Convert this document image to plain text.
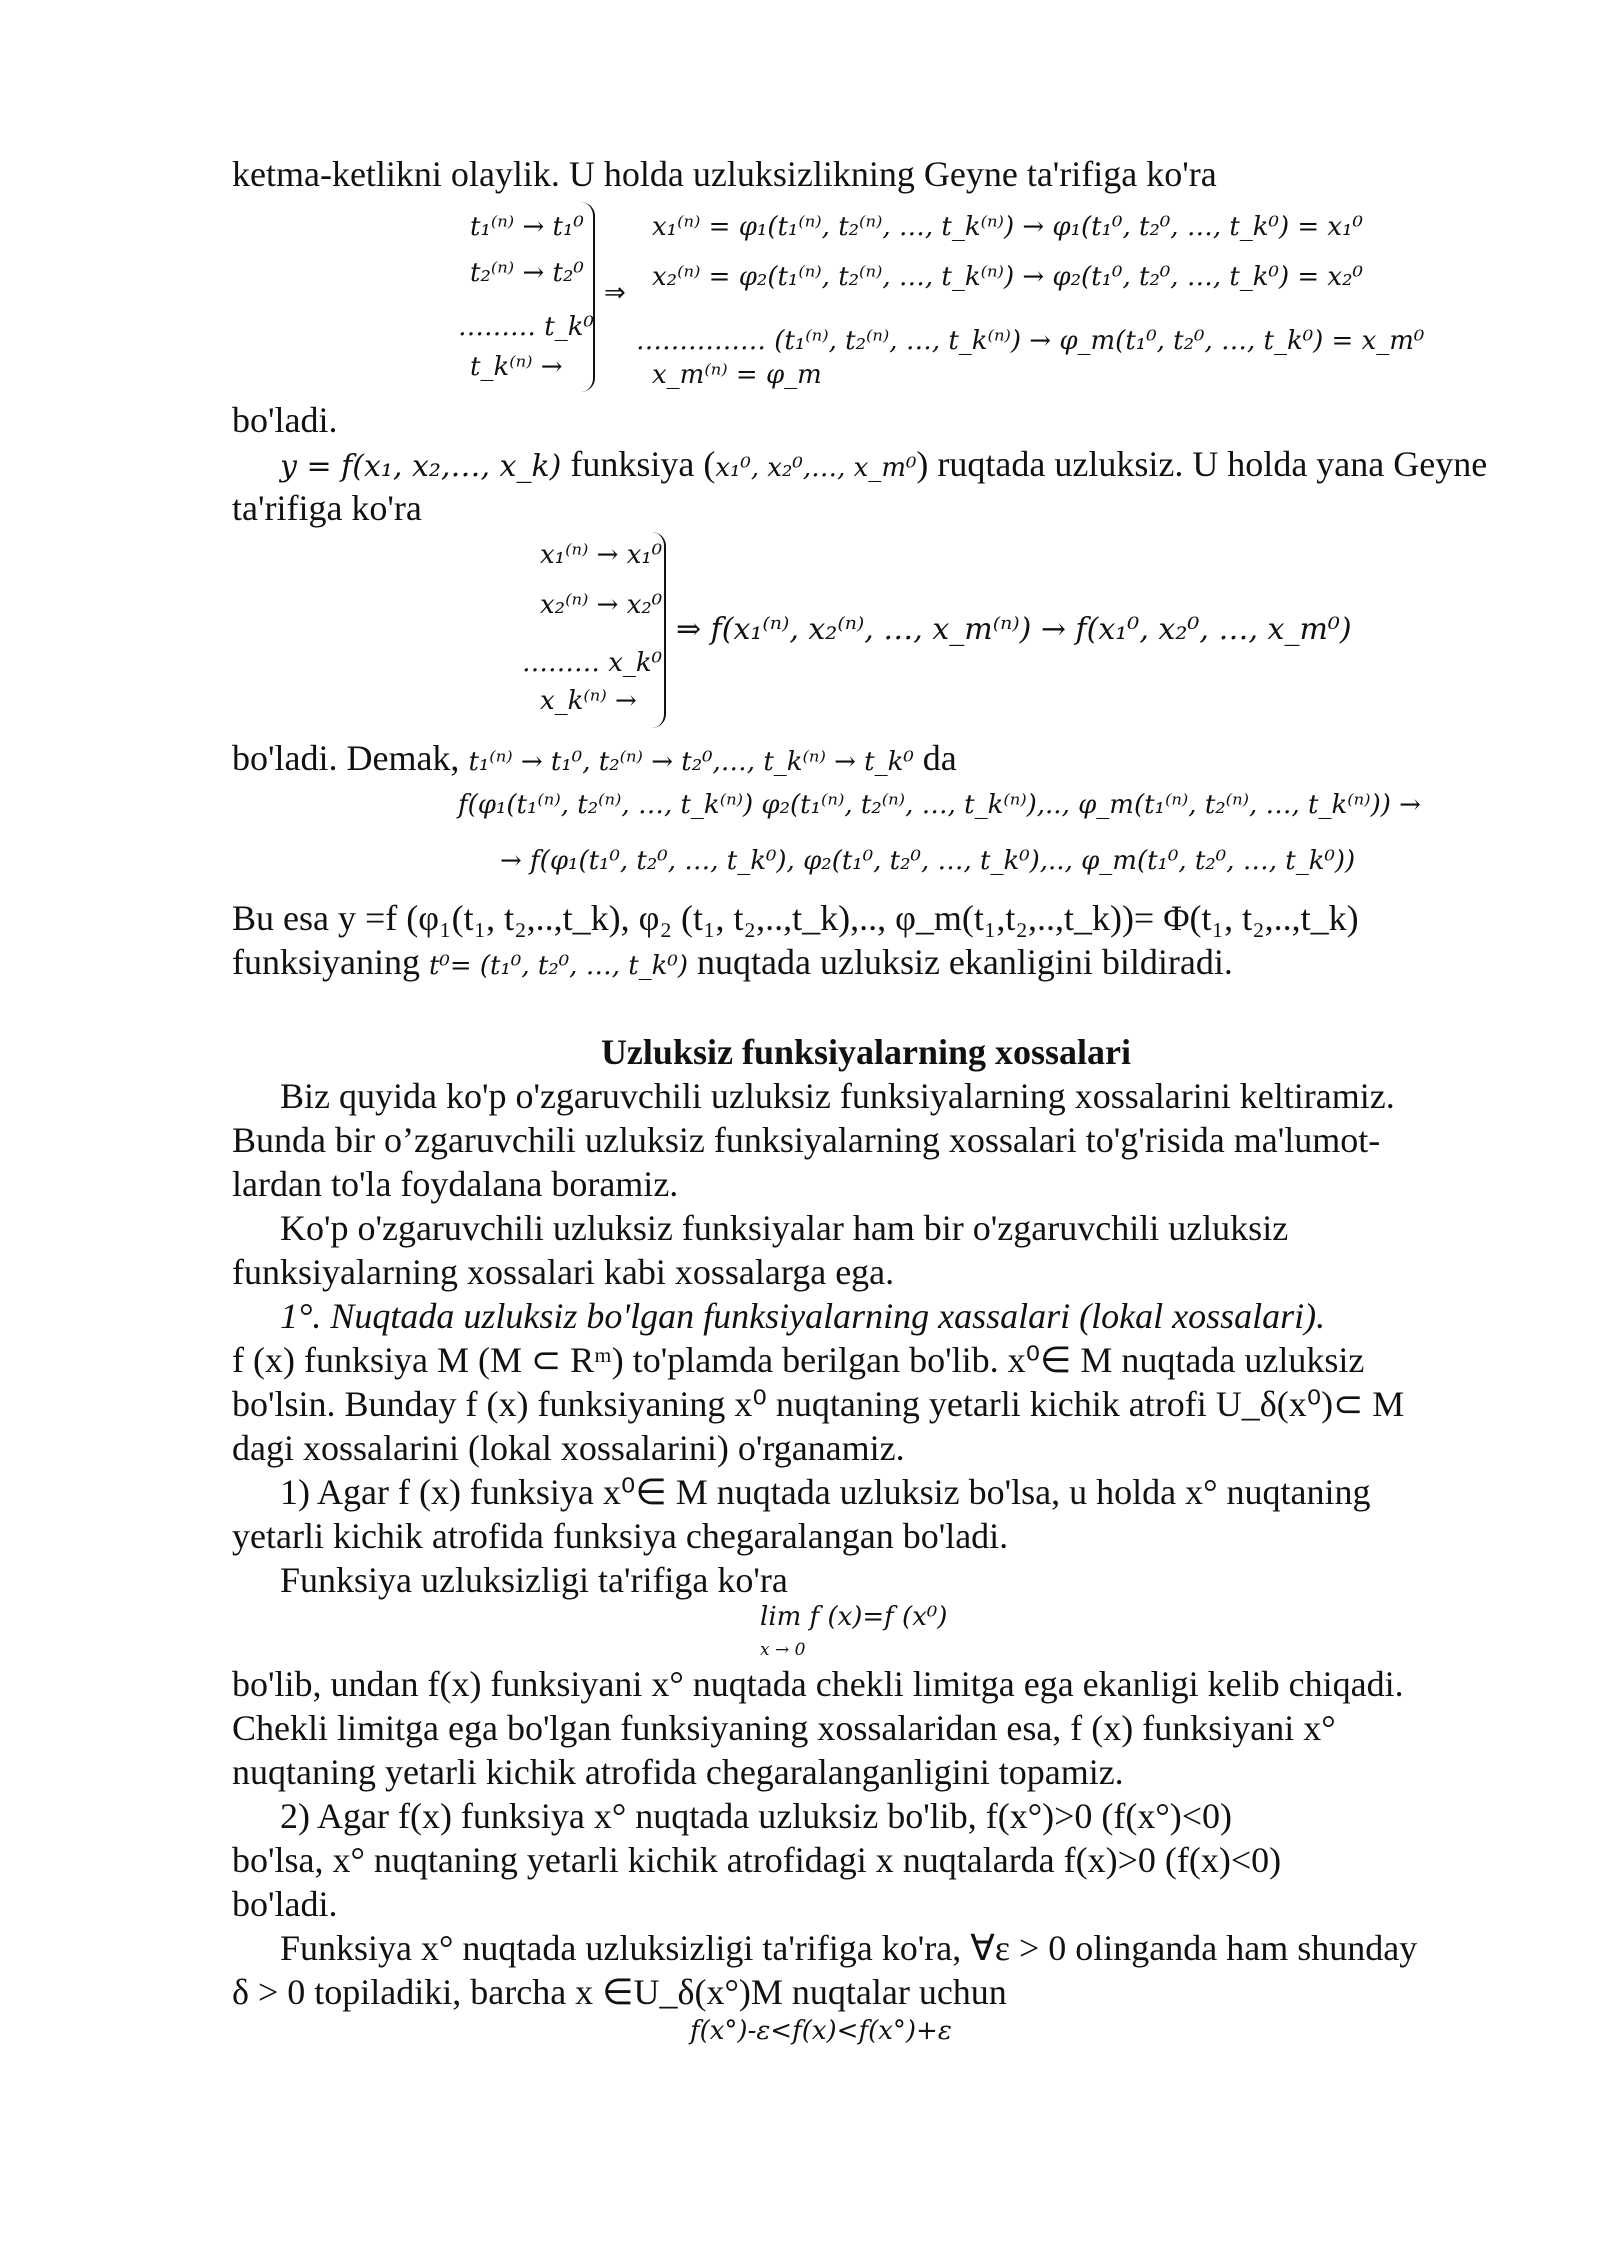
ketma-ketlikni olaylik. U holda uzluksizlikning Geyne ta'rifiga ko'ra
t₁⁽ⁿ⁾ → t₁⁰
t₂⁽ⁿ⁾ → t₂⁰
……… t_k⁰
t_k⁽ⁿ⁾ →
⇒
x₁⁽ⁿ⁾ = φ₁(t₁⁽ⁿ⁾, t₂⁽ⁿ⁾, …, t_k⁽ⁿ⁾) → φ₁(t₁⁰, t₂⁰, …, t_k⁰) = x₁⁰
x₂⁽ⁿ⁾ = φ₂(t₁⁽ⁿ⁾, t₂⁽ⁿ⁾, …, t_k⁽ⁿ⁾) → φ₂(t₁⁰, t₂⁰, …, t_k⁰) = x₂⁰
…………… (t₁⁽ⁿ⁾, t₂⁽ⁿ⁾, …, t_k⁽ⁿ⁾) → φ_m(t₁⁰, t₂⁰, …, t_k⁰) = x_m⁰
x_m⁽ⁿ⁾ = φ_m
bo'ladi.
y = f(x₁, x₂,…, x_k) funksiya (x₁⁰, x₂⁰,…, x_m⁰) ruqtada uzluksiz. U holda yana Geyne
ta'rifiga ko'ra
x₁⁽ⁿ⁾ → x₁⁰
x₂⁽ⁿ⁾ → x₂⁰
……… x_k⁰
x_k⁽ⁿ⁾ →
⇒ f(x₁⁽ⁿ⁾, x₂⁽ⁿ⁾, …, x_m⁽ⁿ⁾) → f(x₁⁰, x₂⁰, …, x_m⁰)
bo'ladi. Demak, t₁⁽ⁿ⁾ → t₁⁰, t₂⁽ⁿ⁾ → t₂⁰,…, t_k⁽ⁿ⁾ → t_k⁰ da
f(φ₁(t₁⁽ⁿ⁾, t₂⁽ⁿ⁾, …, t_k⁽ⁿ⁾) φ₂(t₁⁽ⁿ⁾, t₂⁽ⁿ⁾, …, t_k⁽ⁿ⁾),.., φ_m(t₁⁽ⁿ⁾, t₂⁽ⁿ⁾, …, t_k⁽ⁿ⁾)) →
→ f(φ₁(t₁⁰, t₂⁰, …, t_k⁰), φ₂(t₁⁰, t₂⁰, …, t_k⁰),.., φ_m(t₁⁰, t₂⁰, …, t_k⁰))
Bu esa y =f (φ₁(t₁, t₂,..,t_k), φ₂ (t₁, t₂,..,t_k),.., φ_m(t₁,t₂,..,t_k))= Φ(t₁, t₂,..,t_k)
funksiyaning t⁰= (t₁⁰, t₂⁰, …, t_k⁰) nuqtada uzluksiz ekanligini bildiradi.
Uzluksiz funksiyalarning xossalari
Biz quyida ko'p o'zgaruvchili uzluksiz funksiyalarning xossalarini keltiramiz.
Bunda bir o’zgaruvchili uzluksiz funksiyalarning xossalari to'g'risida ma'lumot-
lardan to'la foydalana boramiz.
Ko'p o'zgaruvchili uzluksiz funksiyalar ham bir o'zgaruvchili uzluksiz
funksiyalarning xossalari kabi xossalarga ega.
1°. Nuqtada uzluksiz bo'lgan funksiyalarning xassalari (lokal xossalari).
f (x) funksiya M (M ⊂ Rᵐ) to'plamda berilgan bo'lib. x⁰∈ M nuqtada uzluksiz
bo'lsin. Bunday f (x) funksiyaning x⁰ nuqtaning yetarli kichik atrofi U_δ(x⁰)⊂ M
dagi xossalarini (lokal xossalarini) o'rganamiz.
1) Agar f (x) funksiya x⁰∈ M nuqtada uzluksiz bo'lsa, u holda x° nuqtaning
yetarli kichik atrofida funksiya chegaralangan bo'ladi.
Funksiya uzluksizligi ta'rifiga ko'ra
lim f (x)=f (x⁰)
x → 0
bo'lib, undan f(x) funksiyani x° nuqtada chekli limitga ega ekanligi kelib chiqadi.
Chekli limitga ega bo'lgan funksiyaning xossalaridan esa, f (x) funksiyani x°
nuqtaning yetarli kichik atrofida chegaralanganligini topamiz.
2) Agar f(x) funksiya x° nuqtada uzluksiz bo'lib, f(x°)>0 (f(x°)<0)
bo'lsa, x° nuqtaning yetarli kichik atrofidagi x nuqtalarda f(x)>0 (f(x)<0)
bo'ladi.
Funksiya x° nuqtada uzluksizligi ta'rifiga ko'ra, ∀ε > 0 olinganda ham shunday
δ > 0 topiladiki, barcha x ∈U_δ(x°)M nuqtalar uchun
f(x°)-ε<f(x)<f(x°)+ε
